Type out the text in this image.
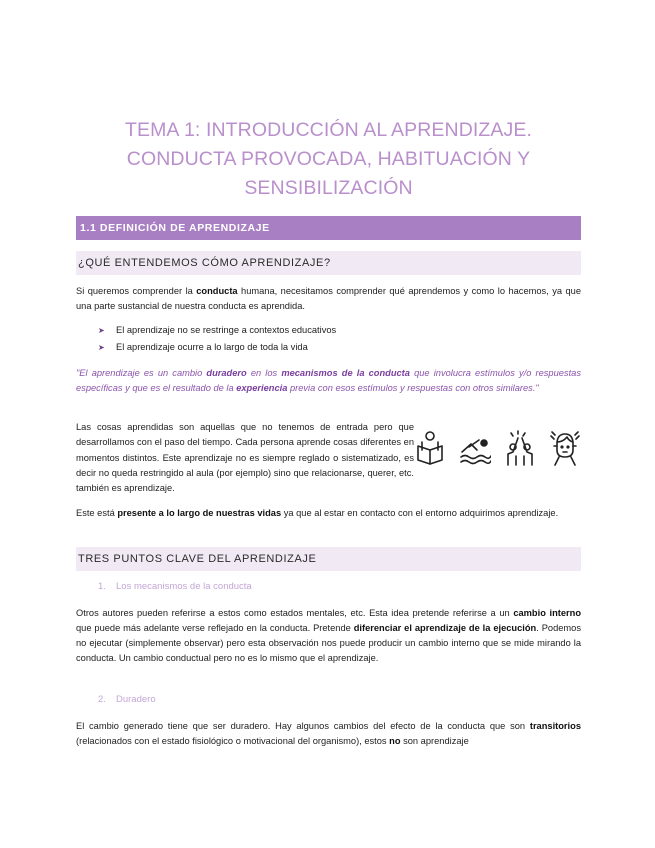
TEMA 1: INTRODUCCIÓN AL APRENDIZAJE.
CONDUCTA PROVOCADA, HABITUACIÓN Y
SENSIBILIZACIÓN
1.1 DEFINICIÓN DE APRENDIZAJE
¿QUÉ ENTENDEMOS CÓMO APRENDIZAJE?
Si queremos comprender la conducta humana, necesitamos comprender qué aprendemos y como lo hacemos, ya que una parte sustancial de nuestra conducta es aprendida.
➤	El aprendizaje no se restringe a contextos educativos
➤	El aprendizaje ocurre a lo largo de toda la vida
"El aprendizaje es un cambio duradero en los mecanismos de la conducta que involucra estímulos y/o respuestas específicas y que es el resultado de la experiencia previa con esos estímulos y respuestas con otros similares."
Las cosas aprendidas son aquellas que no tenemos de entrada pero que desarrollamos con el paso del tiempo. Cada persona aprende cosas diferentes en momentos distintos. Este aprendizaje no es siempre reglado o sistematizado, es decir no queda restringido al aula (por ejemplo) sino que relacionarse, querer, etc. también es aprendizaje.
Este está presente a lo largo de nuestras vidas ya que al estar en contacto con el entorno adquirimos aprendizaje.
TRES PUNTOS CLAVE DEL APRENDIZAJE
1. Los mecanismos de la conducta
Otros autores pueden referirse a estos como estados mentales, etc. Esta idea pretende referirse a un cambio interno que puede más adelante verse reflejado en la conducta. Pretende diferenciar el aprendizaje de la ejecución. Podemos no ejecutar (simplemente observar) pero esta observación nos puede producir un cambio interno que se mide mirando la conducta. Un cambio conductual pero no es lo mismo que el aprendizaje.
2. Duradero
El cambio generado tiene que ser duradero. Hay algunos cambios del efecto de la conducta que son transitorios (relacionados con el estado fisiológico o motivacional del organismo), estos no son aprendizaje
